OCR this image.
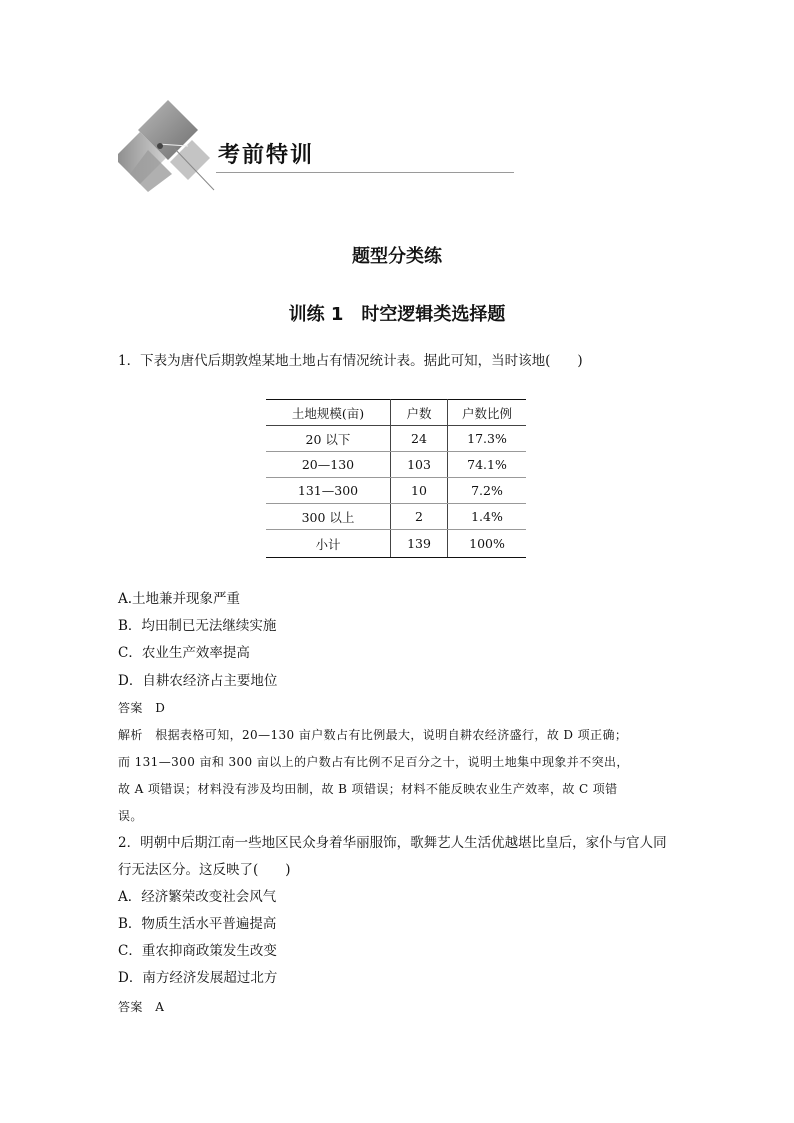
考前特训
题型分类练
训练 1　时空逻辑类选择题
1．下表为唐代后期敦煌某地土地占有情况统计表。据此可知，当时该地(　　)
土地规模(亩)	户数	户数比例
20 以下	24	17.3%
20—130	103	74.1%
131—300	10	7.2%
300 以上	2	1.4%
小计	139	100%
A.土地兼并现象严重
B．均田制已无法继续实施
C．农业生产效率提高
D．自耕农经济占主要地位
答案　D
解析　根据表格可知，20—130 亩户数占有比例最大，说明自耕农经济盛行，故 D 项正确；
而 131—300 亩和 300 亩以上的户数占有比例不足百分之十，说明土地集中现象并不突出，
故 A 项错误；材料没有涉及均田制，故 B 项错误；材料不能反映农业生产效率，故 C 项错
误。
2．明朝中后期江南一些地区民众身着华丽服饰，歌舞艺人生活优越堪比皇后，家仆与官人同
行无法区分。这反映了(　　)
A．经济繁荣改变社会风气
B．物质生活水平普遍提高
C．重农抑商政策发生改变
D．南方经济发展超过北方
答案　A
